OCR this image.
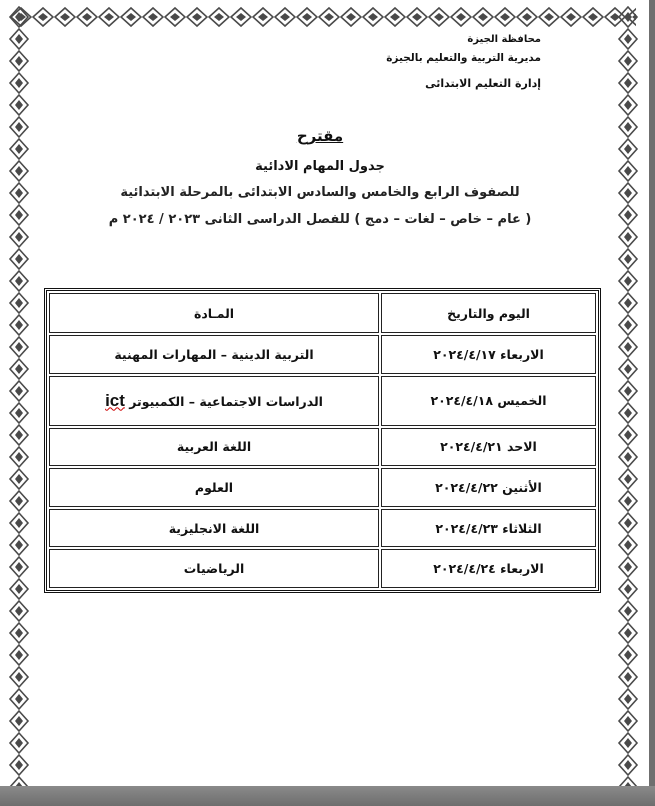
محافظة الجيزة
مديرية التربية والتعليم بالجيزة
إدارة التعليم الابتدائى
مقترح
جدول المهام الادائية
للصفوف الرابع والخامس والسادس الابتدائى بالمرحلة الابتدائية
( عام – خاص – لغات – دمج ) للفصل الدراسى الثانى ٢٠٢٣ / ٢٠٢٤ م
اليوم والتاريخ	المـادة
الاربعاء ٢٠٢٤/٤/١٧	التربية الدينية – المهارات المهنية
الخميس ٢٠٢٤/٤/١٨	الدراسات الاجتماعية – الكمبيوتر ict
الاحد ٢٠٢٤/٤/٢١	اللغة العربية
الأثنين ٢٠٢٤/٤/٢٢	العلوم
الثلاثاء ٢٠٢٤/٤/٢٣	اللغة الانجليزية
الاربعاء ٢٠٢٤/٤/٢٤	الرياضيات
